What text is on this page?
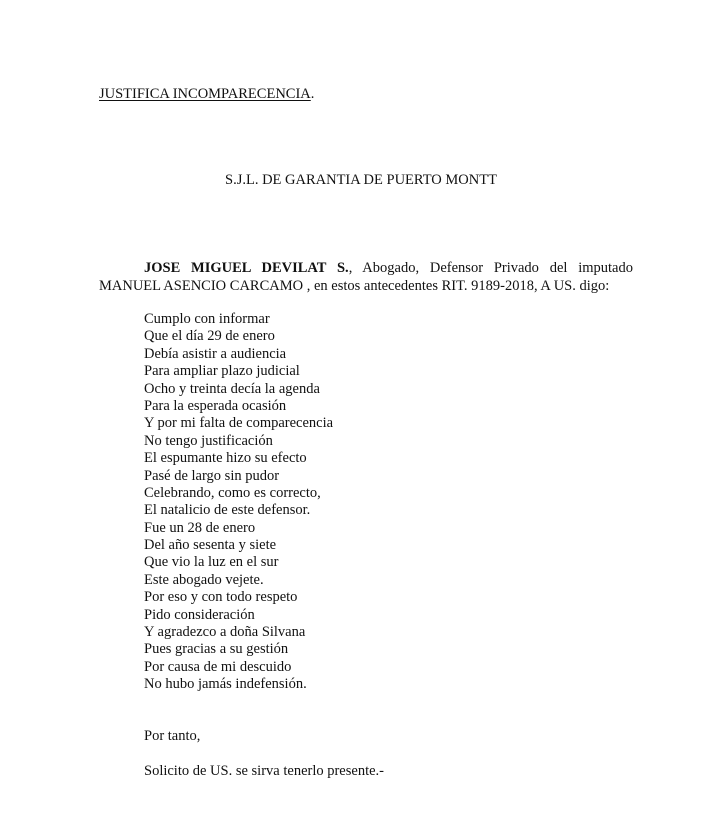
JUSTIFICA INCOMPARECENCIA.
S.J.L. DE GARANTIA DE PUERTO MONTT
JOSE MIGUEL DEVILAT S., Abogado, Defensor Privado del imputado
MANUEL ASENCIO CARCAMO , en estos antecedentes RIT. 9189-2018, A US. digo:
Cumplo con informar
Que el día 29 de enero
Debía asistir a audiencia
Para ampliar plazo judicial
Ocho y treinta decía la agenda
Para la esperada ocasión
Y por mi falta de comparecencia
No tengo justificación
El espumante hizo su efecto
Pasé de largo sin pudor
Celebrando, como es correcto,
El natalicio de este defensor.
Fue un 28 de enero
Del año sesenta y siete
Que vio la luz en el sur
Este abogado vejete.
Por eso y con todo respeto
Pido consideración
Y agradezco a doña Silvana
Pues gracias a su gestión
Por causa de mi descuido
No hubo jamás indefensión.
Por tanto,
Solicito de US. se sirva tenerlo presente.-
